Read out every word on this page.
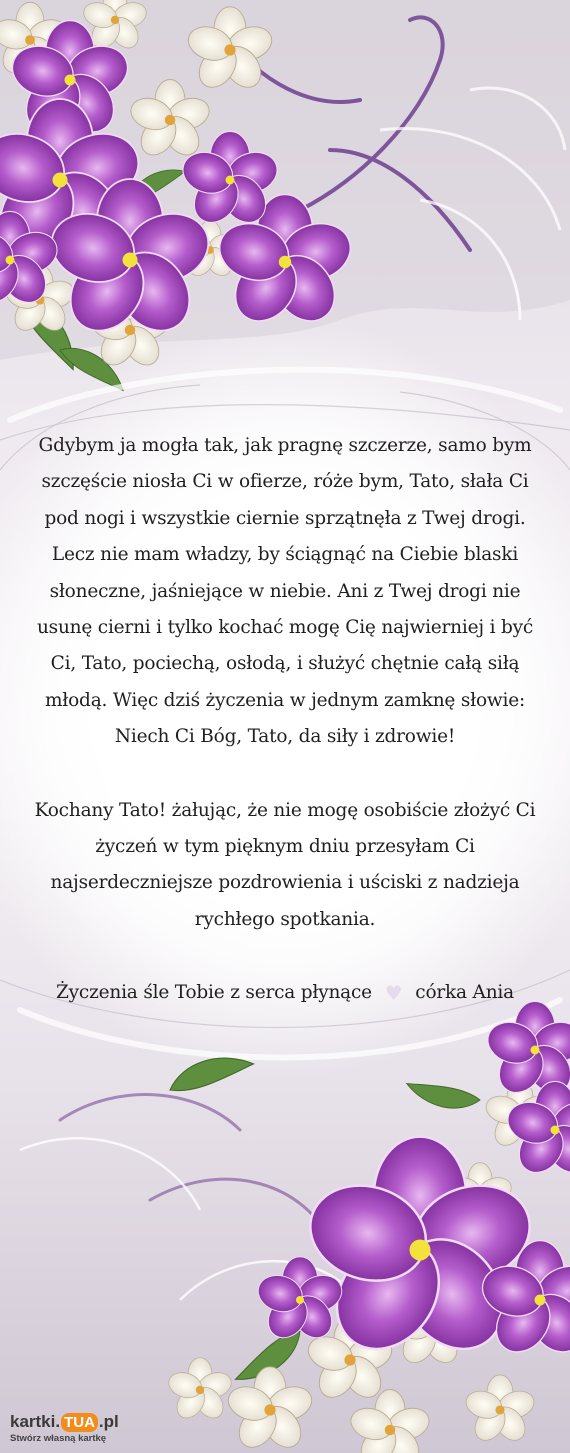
Gdybym ja mogła tak, jak pragnę szczerze, samo bym szczęście niosła Ci w ofierze, róże bym, Tato, słała Ci pod nogi i wszystkie ciernie sprzątnęła z Twej drogi. Lecz nie mam władzy, by ściągnąć na Ciebie blaski słoneczne, jaśniejące w niebie. Ani z Twej drogi nie usunę cierni i tylko kochać mogę Cię najwierniej i być Ci, Tato, pociechą, osłodą, i służyć chętnie całą siłą młodą. Więc dziś życzenia w jednym zamknę słowie: Niech Ci Bóg, Tato, da siły i zdrowie!

Kochany Tato! żałując, że nie mogę osobiście złożyć Ci życzeń w tym pięknym dniu przesyłam Ci najserdeczniejsze pozdrowienia i uściski z nadzieja rychłego spotkania.

Życzenia śle Tobie z serca płynące ♥ córka Ania

kartki. TUA .pl
Stwórz własną kartkę
